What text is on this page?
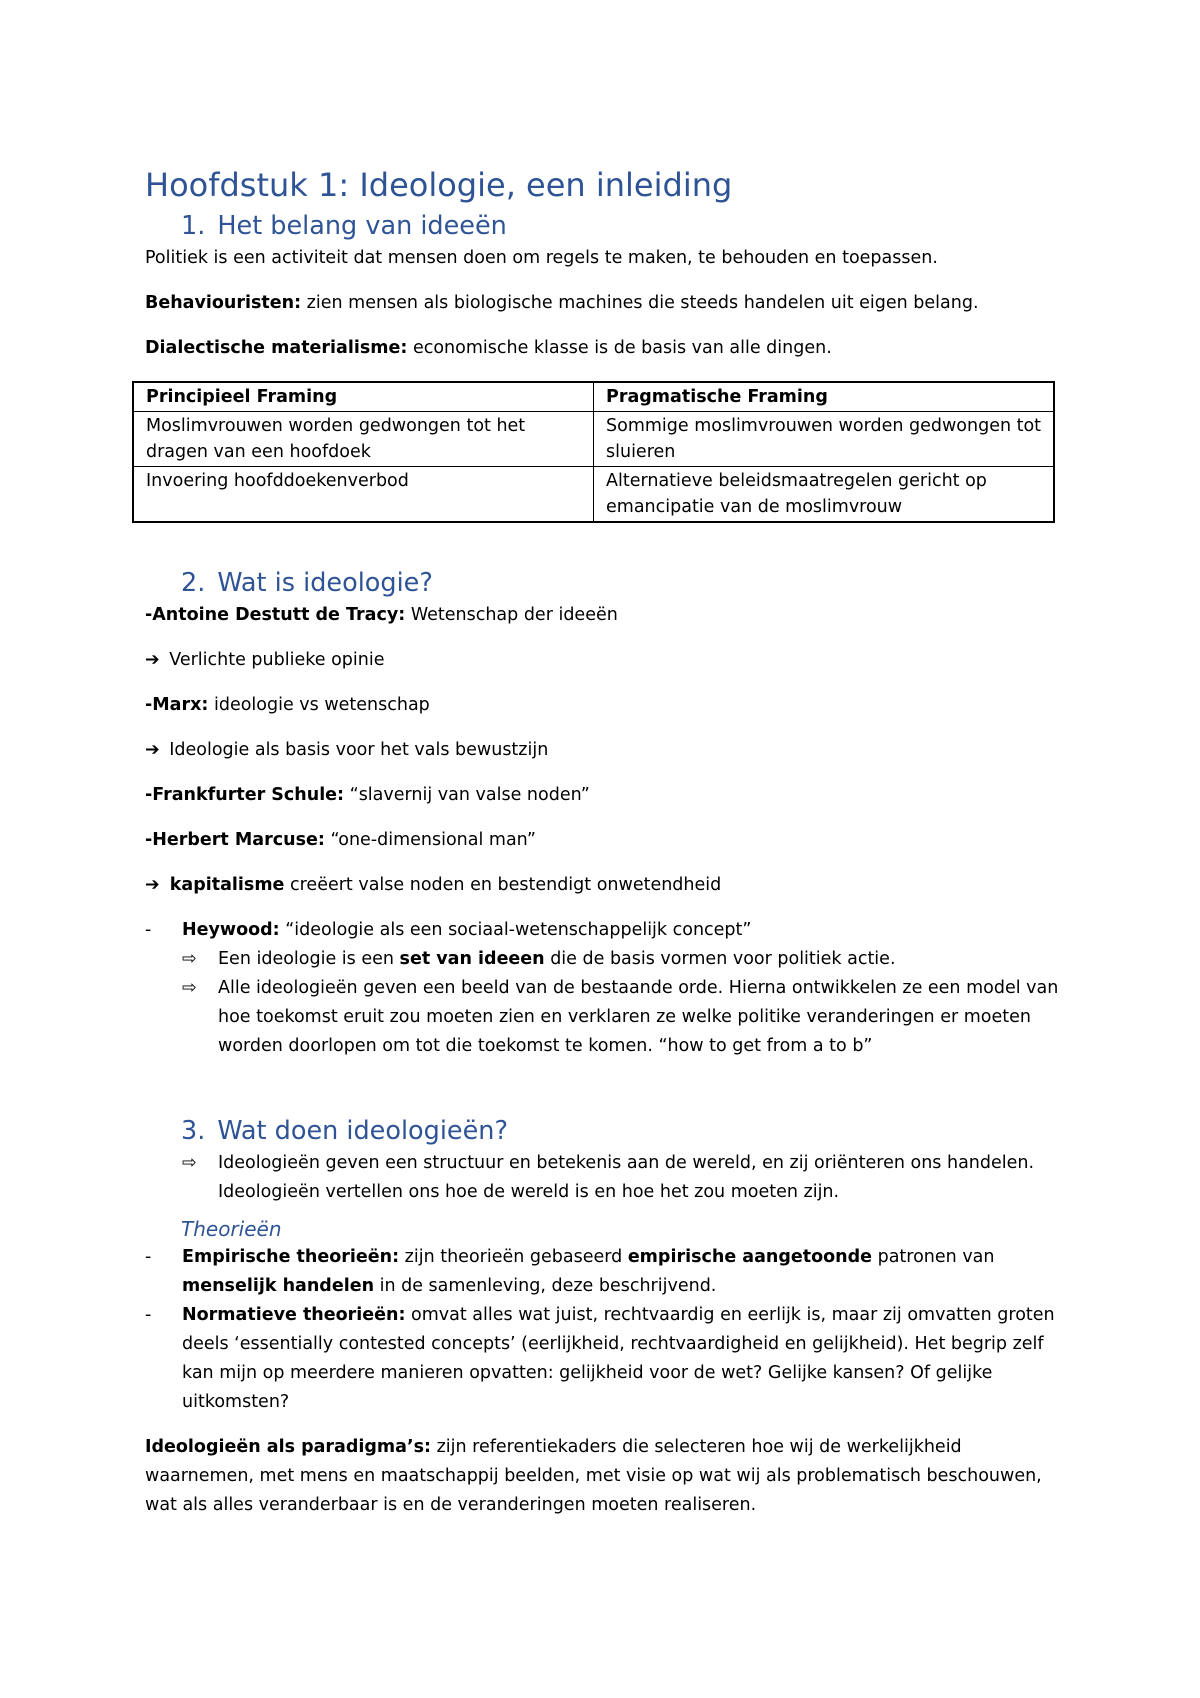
Hoofdstuk 1: Ideologie, een inleiding
1. Het belang van ideeën

Politiek is een activiteit dat mensen doen om regels te maken, te behouden en toepassen.

Behaviouristen: zien mensen als biologische machines die steeds handelen uit eigen belang.

Dialectische materialisme: economische klasse is de basis van alle dingen.

Principieel Framing	Pragmatische Framing
Moslimvrouwen worden gedwongen tot het dragen van een hoofdoek	Sommige moslimvrouwen worden gedwongen tot sluieren
Invoering hoofddoekenverbod	Alternatieve beleidsmaatregelen gericht op emancipatie van de moslimvrouw
2. Wat is ideologie?

-Antoine Destutt de Tracy: Wetenschap der ideeën

➔ Verlichte publieke opinie

-Marx: ideologie vs wetenschap

➔ Ideologie als basis voor het vals bewustzijn

-Frankfurter Schule: “slavernij van valse noden”

-Herbert Marcuse: “one-dimensional man”

➔ kapitalisme creëert valse noden en bestendigt onwetendheid

- Heywood: “ideologie als een sociaal-wetenschappelijk concept”
⇨ Een ideologie is een set van ideeen die de basis vormen voor politiek actie.
⇨ Alle ideologieën geven een beeld van de bestaande orde. Hierna ontwikkelen ze een model van hoe toekomst eruit zou moeten zien en verklaren ze welke politike veranderingen er moeten worden doorlopen om tot die toekomst te komen. “how to get from a to b”
3. Wat doen ideologieën?
⇨ Ideologieën geven een structuur en betekenis aan de wereld, en zij oriënteren ons handelen. Ideologieën vertellen ons hoe de wereld is en hoe het zou moeten zijn.
Theorieën
- Empirische theorieën: zijn theorieën gebaseerd empirische aangetoonde patronen van menselijk handelen in de samenleving, deze beschrijvend.
- Normatieve theorieën: omvat alles wat juist, rechtvaardig en eerlijk is, maar zij omvatten groten deels ‘essentially contested concepts’ (eerlijkheid, rechtvaardigheid en gelijkheid). Het begrip zelf kan mijn op meerdere manieren opvatten: gelijkheid voor de wet? Gelijke kansen? Of gelijke uitkomsten?

Ideologieën als paradigma’s: zijn referentiekaders die selecteren hoe wij de werkelijkheid waarnemen, met mens en maatschappij beelden, met visie op wat wij als problematisch beschouwen, wat als alles veranderbaar is en de veranderingen moeten realiseren.
